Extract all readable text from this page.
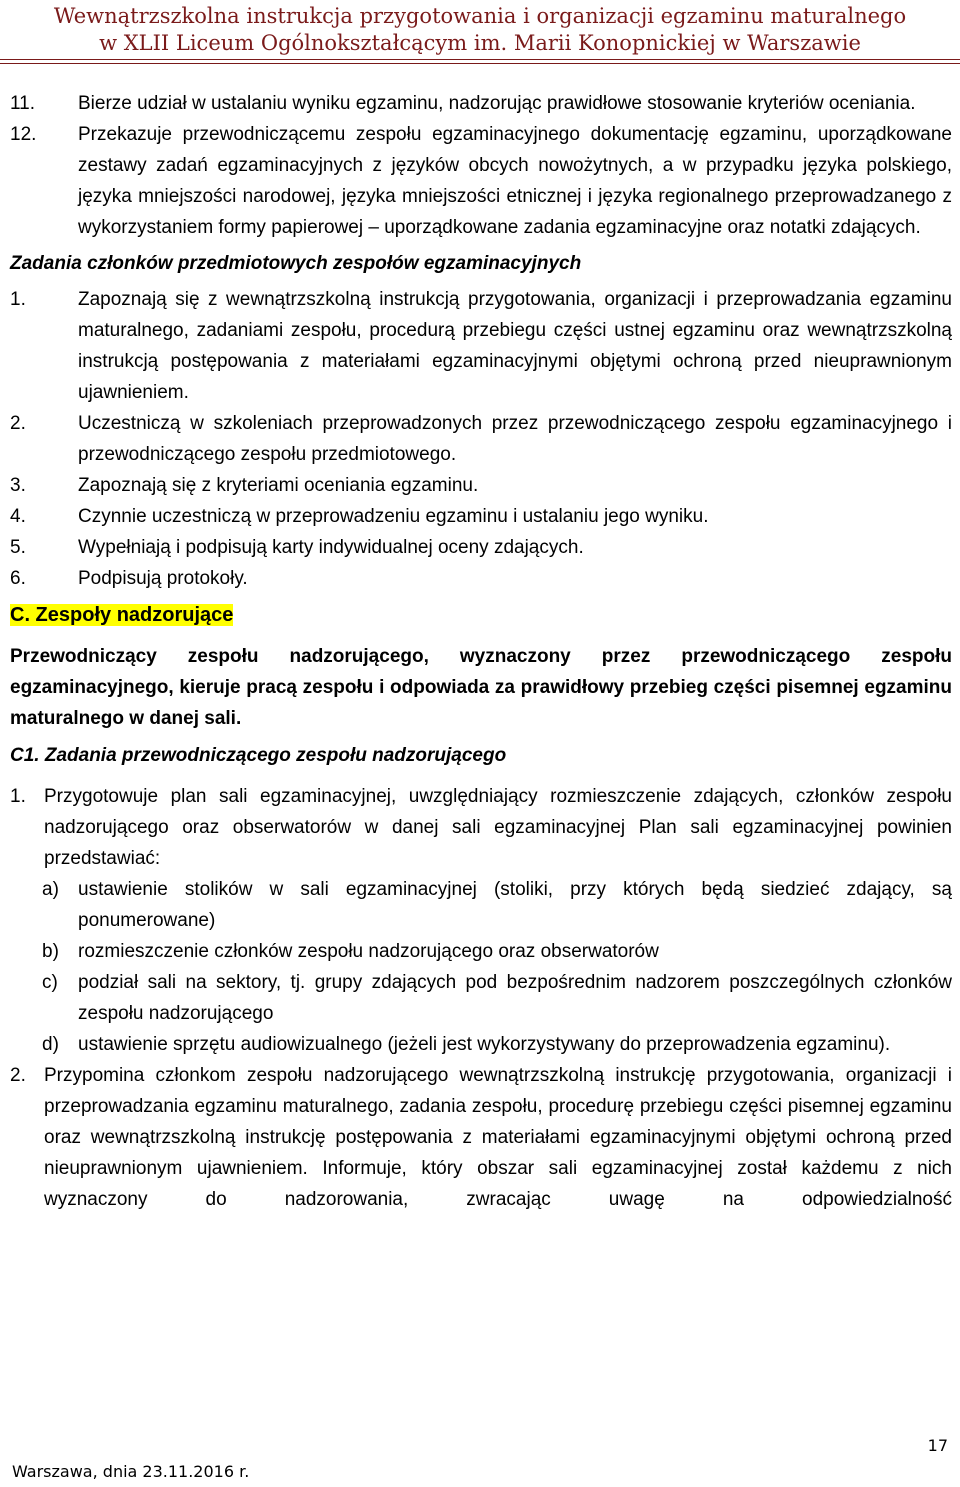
Wewnątrzszkolna instrukcja przygotowania i organizacji egzaminu maturalnego
w XLII Liceum Ogólnokształcącym im. Marii Konopnickiej w Warszawie
11.	Bierze udział w ustalaniu wyniku egzaminu, nadzorując prawidłowe stosowanie kryteriów oceniania.
12.	Przekazuje przewodniczącemu zespołu egzaminacyjnego dokumentację egzaminu, uporządkowane zestawy zadań egzaminacyjnych z języków obcych nowożytnych, a w przypadku języka polskiego, języka mniejszości narodowej, języka mniejszości etnicznej i języka regionalnego przeprowadzanego z wykorzystaniem formy papierowej – uporządkowane zadania egzaminacyjne oraz notatki zdających.

Zadania członków przedmiotowych zespołów egzaminacyjnych

1.	Zapoznają się z wewnątrzszkolną instrukcją przygotowania, organizacji i przeprowadzania egzaminu maturalnego, zadaniami zespołu, procedurą przebiegu części ustnej egzaminu oraz wewnątrzszkolną instrukcją postępowania z materiałami egzaminacyjnymi objętymi ochroną przed nieuprawnionym ujawnieniem.
2.	Uczestniczą w szkoleniach przeprowadzonych przez przewodniczącego zespołu egzaminacyjnego i przewodniczącego zespołu przedmiotowego.
3.	Zapoznają się z kryteriami oceniania egzaminu.
4.	Czynnie uczestniczą w przeprowadzeniu egzaminu i ustalaniu jego wyniku.
5.	Wypełniają i podpisują karty indywidualnej oceny zdających.
6.	Podpisują protokoły.

C. Zespoły nadzorujące

Przewodniczący zespołu nadzorującego, wyznaczony przez przewodniczącego zespołu egzaminacyjnego, kieruje pracą zespołu i odpowiada za prawidłowy przebieg części pisemnej egzaminu maturalnego w danej sali.

C1. Zadania przewodniczącego zespołu nadzorującego

1. Przygotowuje plan sali egzaminacyjnej, uwzględniający rozmieszczenie zdających, członków zespołu nadzorującego oraz obserwatorów w danej sali egzaminacyjnej Plan sali egzaminacyjnej powinien przedstawiać:
a)	ustawienie stolików w sali egzaminacyjnej (stoliki, przy których będą siedzieć zdający, są ponumerowane)
b)	rozmieszczenie członków zespołu nadzorującego oraz obserwatorów
c)	podział sali na sektory, tj. grupy zdających pod bezpośrednim nadzorem poszczególnych członków zespołu nadzorującego
d)	ustawienie sprzętu audiowizualnego (jeżeli jest wykorzystywany do przeprowadzenia egzaminu).
2. Przypomina członkom zespołu nadzorującego wewnątrzszkolną instrukcję przygotowania, organizacji i przeprowadzania egzaminu maturalnego, zadania zespołu, procedurę przebiegu części pisemnej egzaminu oraz wewnątrzszkolną instrukcję postępowania z materiałami egzaminacyjnymi objętymi ochroną przed nieuprawnionym ujawnieniem. Informuje, który obszar sali egzaminacyjnej został każdemu z nich wyznaczony do nadzorowania, zwracając uwagę na odpowiedzialność
17
Warszawa, dnia 23.11.2016 r.
